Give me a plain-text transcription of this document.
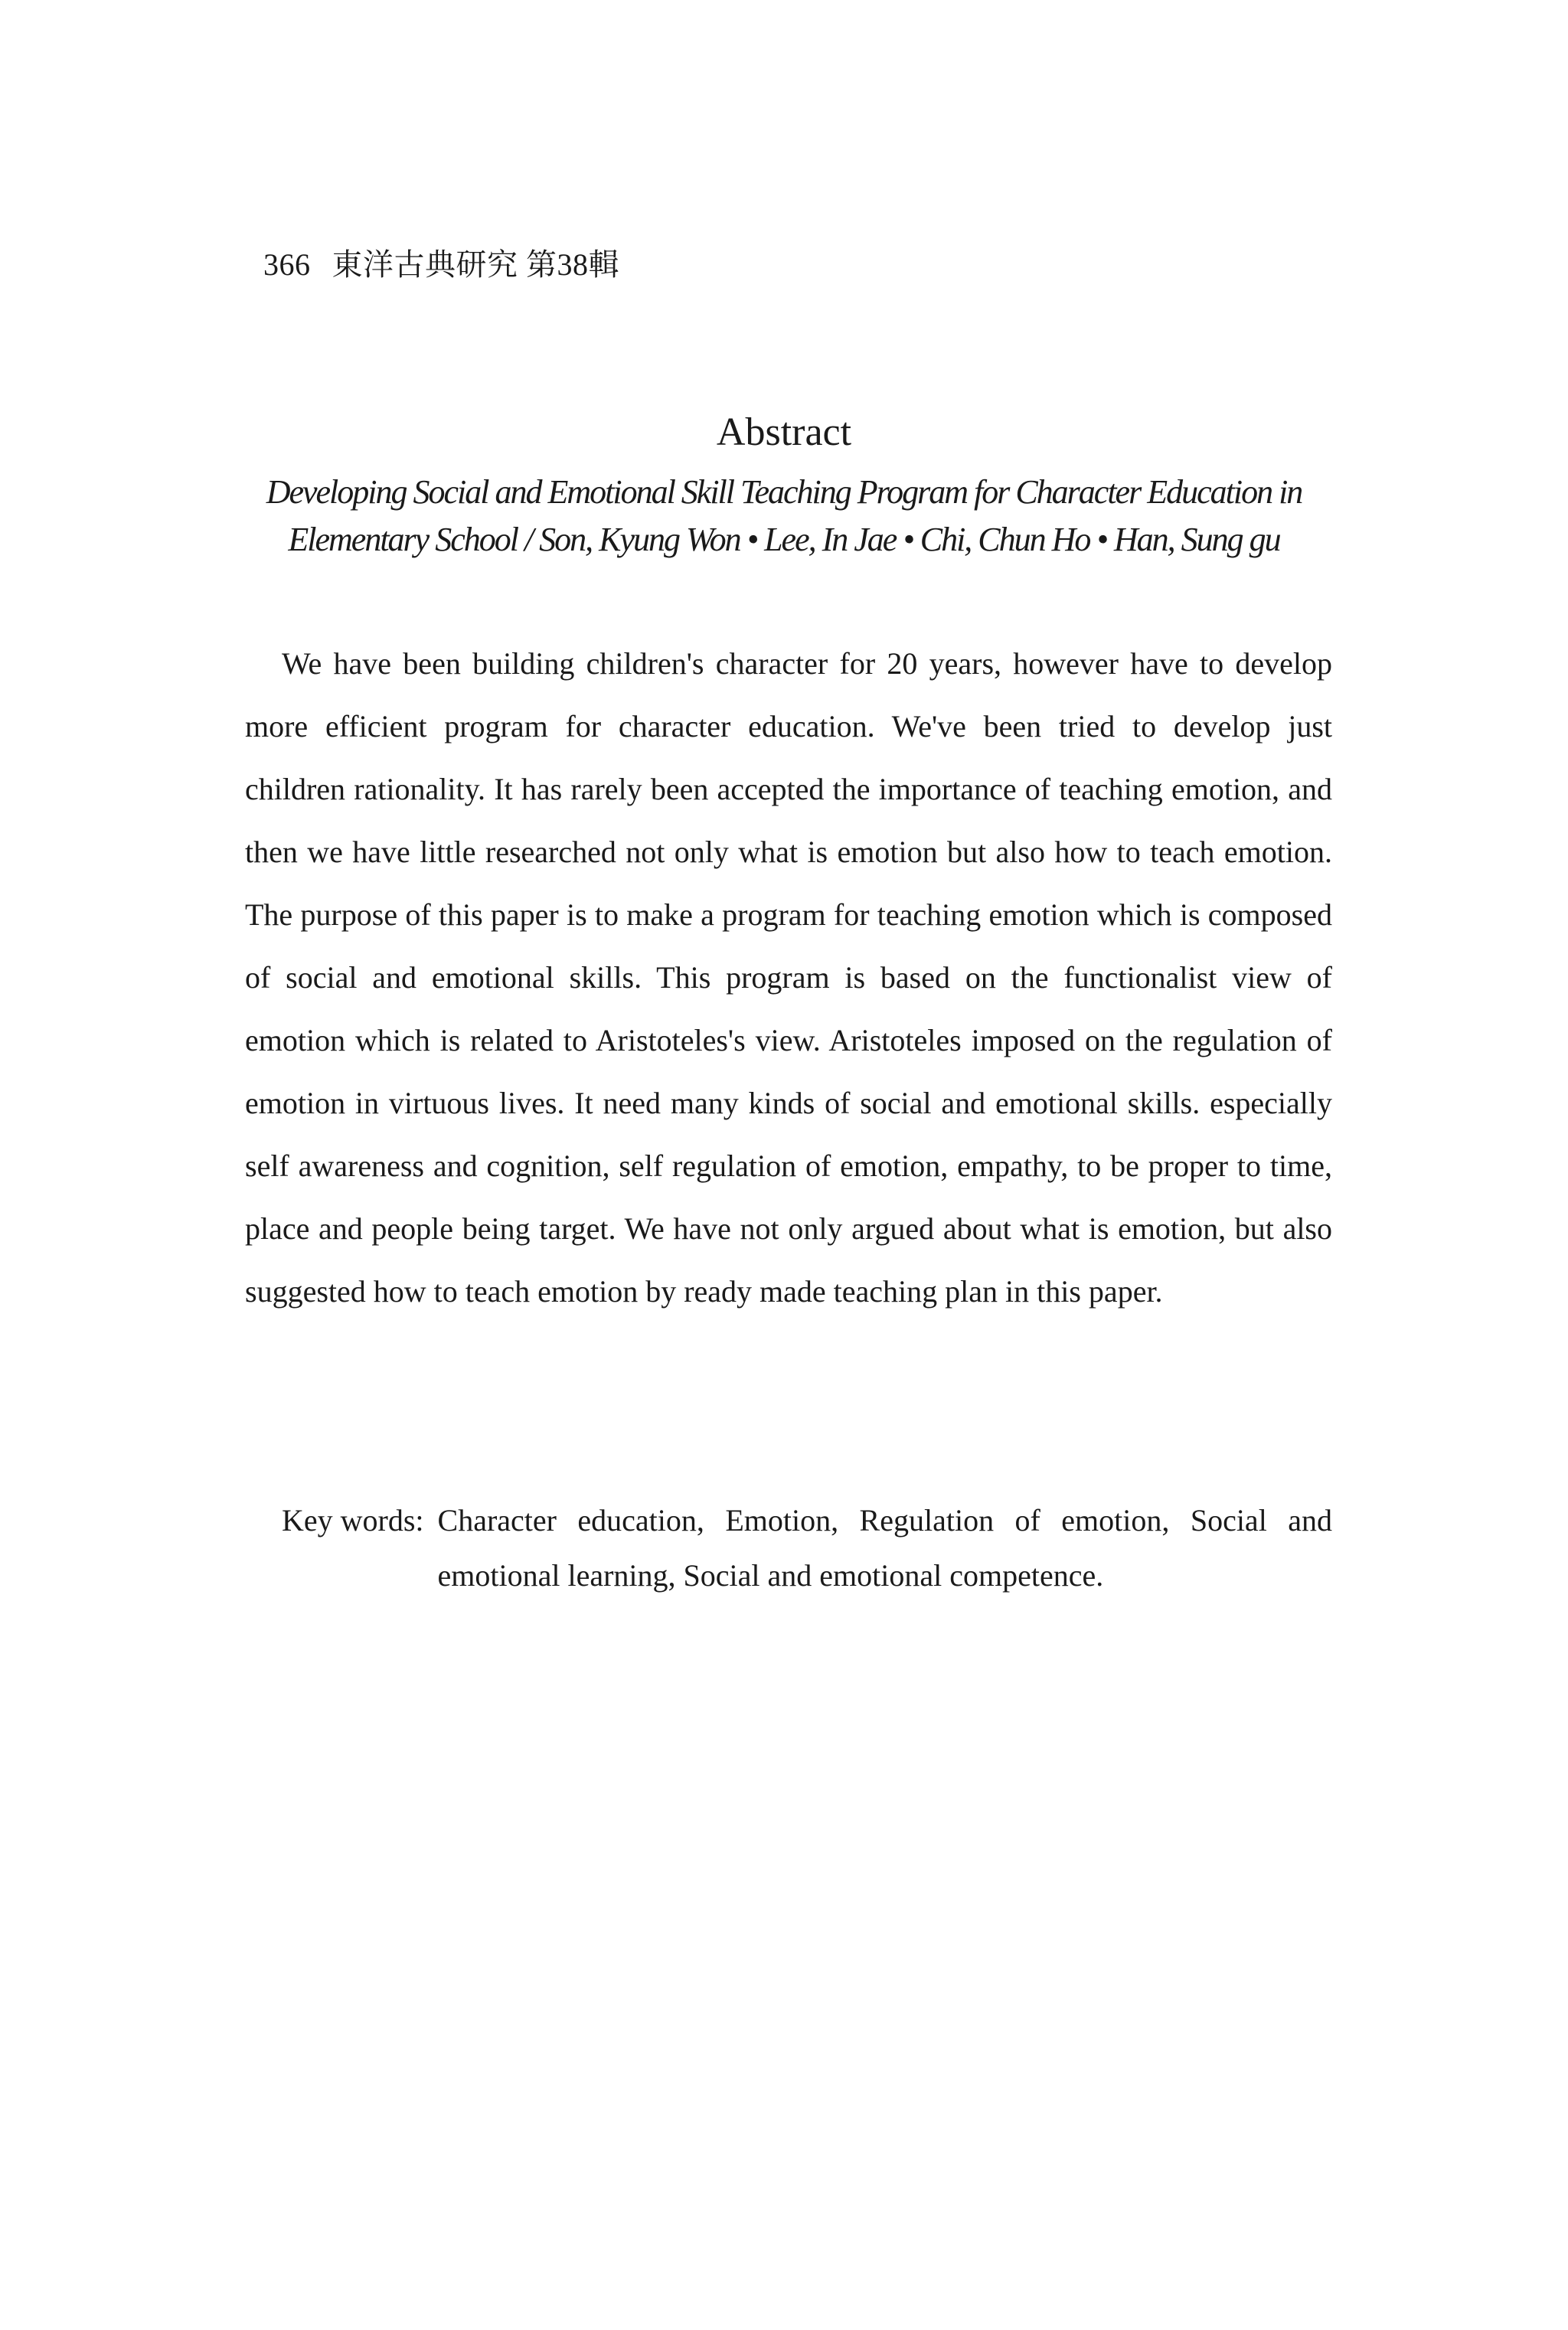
366 東洋古典研究 第38輯
Abstract
Developing Social and Emotional Skill Teaching Program for Character Education in Elementary School / Son, Kyung Won • Lee, In Jae • Chi, Chun Ho • Han, Sung gu

We have been building children's character for 20 years, however have to develop more efficient program for character education. We've been tried to develop just children rationality. It has rarely been accepted the importance of teaching emotion, and then we have little researched not only what is emotion but also how to teach emotion. The purpose of this paper is to make a program for teaching emotion which is composed of social and emotional skills. This program is based on the functionalist view of emotion which is related to Aristoteles's view. Aristoteles imposed on the regulation of emotion in virtuous lives. It need many kinds of social and emotional skills. especially self awareness and cognition, self regulation of emotion, empathy, to be proper to time, place and people being target. We have not only argued about what is emotion, but also suggested how to teach emotion by ready made teaching plan in this paper.

Key words: Character education, Emotion, Regulation of emotion, Social and emotional learning, Social and emotional competence.
